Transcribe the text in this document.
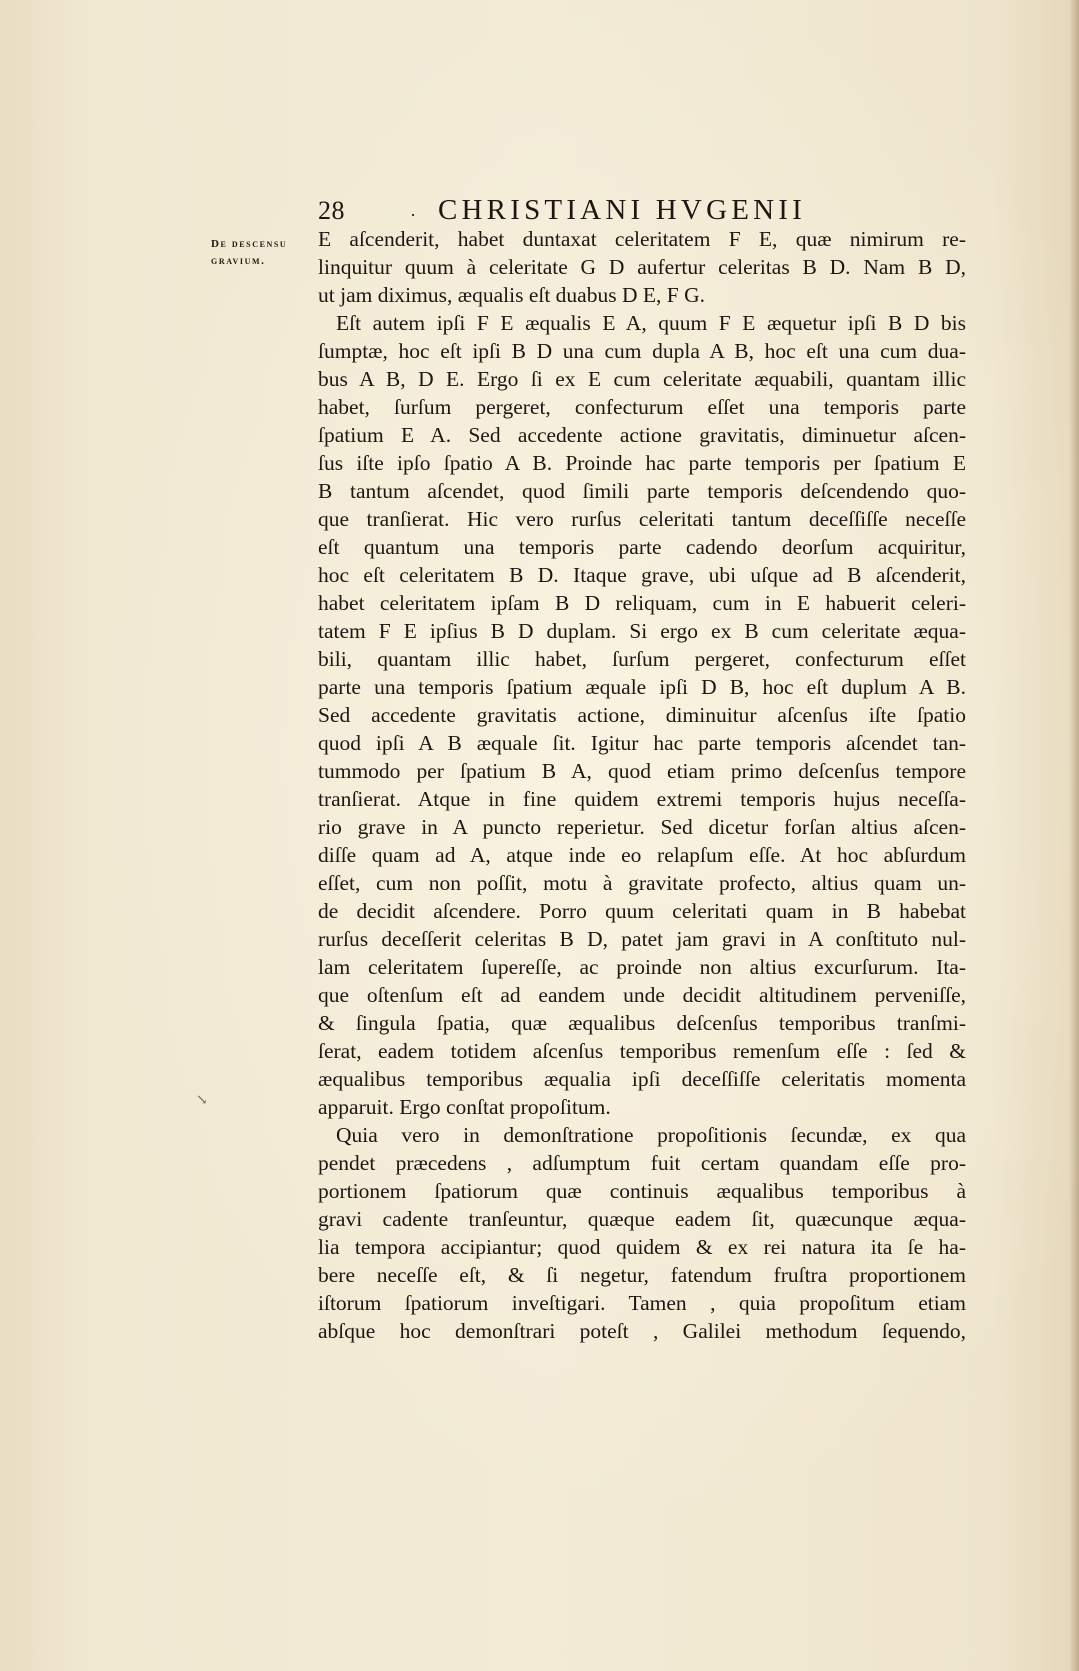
28	· CHRISTIANI HVGENII
De descensu
gravium.
E aſcenderit, habet duntaxat celeritatem F E, quæ nimirum re-
linquitur quum à celeritate G D aufertur celeritas B D. Nam B D,
ut jam diximus, æqualis eſt duabus D E, F G.
Eſt autem ipſi F E æqualis E A, quum F E æquetur ipſi B D bis
ſumptæ, hoc eſt ipſi B D una cum dupla A B, hoc eſt una cum dua-
bus A B, D E. Ergo ſi ex E cum celeritate æquabili, quantam illic
habet, ſurſum pergeret, confecturum eſſet una temporis parte
ſpatium E A. Sed accedente actione gravitatis, diminuetur aſcen-
ſus iſte ipſo ſpatio A B. Proinde hac parte temporis per ſpatium E
B tantum aſcendet, quod ſimili parte temporis deſcendendo quo-
que tranſierat. Hic vero rurſus celeritati tantum deceſſiſſe neceſſe
eſt quantum una temporis parte cadendo deorſum acquiritur,
hoc eſt celeritatem B D. Itaque grave, ubi uſque ad B aſcenderit,
habet celeritatem ipſam B D reliquam, cum in E habuerit celeri-
tatem F E ipſius B D duplam. Si ergo ex B cum celeritate æqua-
bili, quantam illic habet, ſurſum pergeret, confecturum eſſet
parte una temporis ſpatium æquale ipſi D B, hoc eſt duplum A B.
Sed accedente gravitatis actione, diminuitur aſcenſus iſte ſpatio
quod ipſi A B æquale ſit. Igitur hac parte temporis aſcendet tan-
tummodo per ſpatium B A, quod etiam primo deſcenſus tempore
tranſierat. Atque in fine quidem extremi temporis hujus neceſſa-
rio grave in A puncto reperietur. Sed dicetur forſan altius aſcen-
diſſe quam ad A, atque inde eo relapſum eſſe. At hoc abſurdum
eſſet, cum non poſſit, motu à gravitate profecto, altius quam un-
de decidit aſcendere. Porro quum celeritati quam in B habebat
rurſus deceſſerit celeritas B D, patet jam gravi in A conſtituto nul-
lam celeritatem ſupereſſe, ac proinde non altius excurſurum. Ita-
que oſtenſum eſt ad eandem unde decidit altitudinem perveniſſe,
& ſingula ſpatia, quæ æqualibus deſcenſus temporibus tranſmi-
ſerat, eadem totidem aſcenſus temporibus remenſum eſſe : ſed &
æqualibus temporibus æqualia ipſi deceſſiſſe celeritatis momenta
apparuit. Ergo conſtat propoſitum.
Quia vero in demonſtratione propoſitionis ſecundæ, ex qua
pendet præcedens , adſumptum fuit certam quandam eſſe pro-
portionem ſpatiorum quæ continuis æqualibus temporibus à
gravi cadente tranſeuntur, quæque eadem ſit, quæcunque æqua-
lia tempora accipiantur; quod quidem & ex rei natura ita ſe ha-
bere neceſſe eſt, & ſi negetur, fatendum fruſtra proportionem
iſtorum ſpatiorum inveſtigari. Tamen , quia propoſitum etiam
abſque hoc demonſtrari poteſt , Galilei methodum ſequendo,
↘
